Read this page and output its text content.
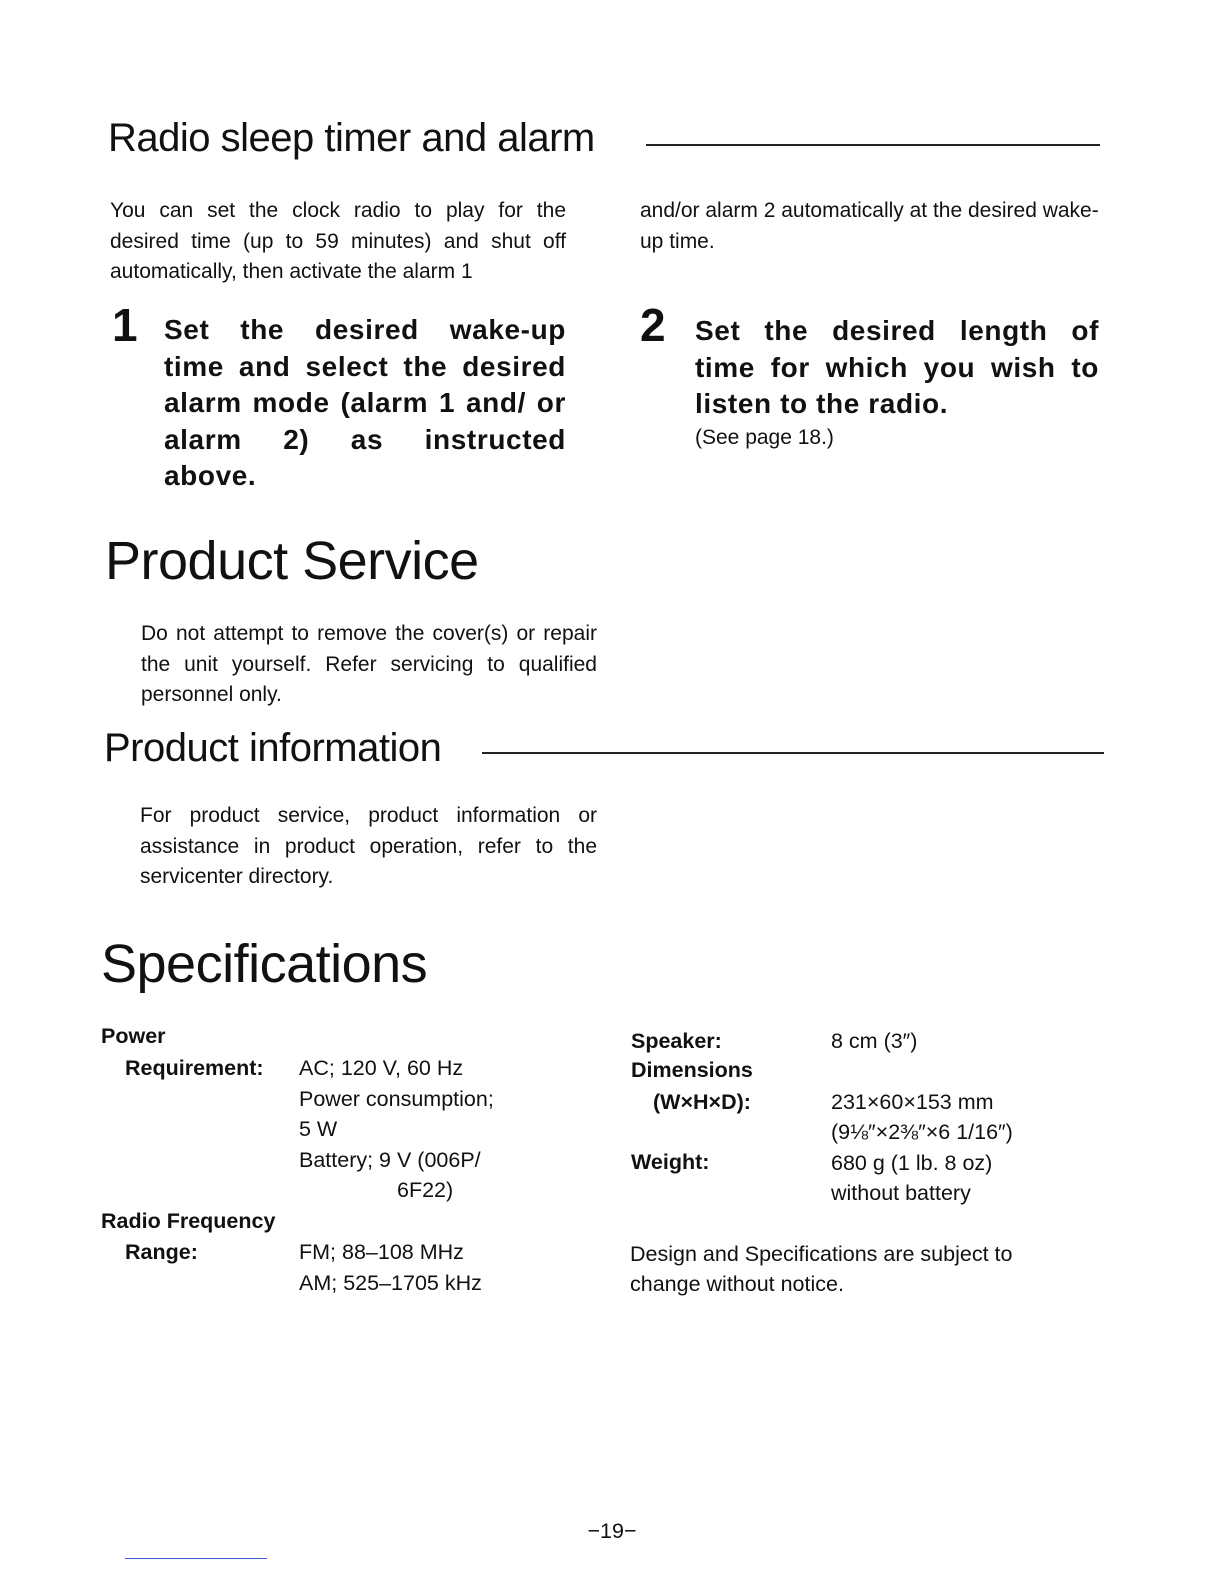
Radio sleep timer and alarm
You can set the clock radio to play for the desired time (up to 59 minutes) and shut off automatically, then activate the alarm 1
and/or alarm 2 automatically at the desired wake-up time.
1 Set the desired wake-up time and select the desired alarm mode (alarm 1 and/ or alarm 2) as instructed
above.
2 Set the desired length of time for which you wish to
listen to the radio.
(See page 18.)
Product Service
Do not attempt to remove the cover(s) or repair the unit yourself. Refer servicing to qualified personnel only.
Product information
For product service, product information or assistance in product operation, refer to the servicenter directory.
Specifications
Power
Requirement: AC; 120 V, 60 Hz
Power consumption;
5 W
Battery; 9 V (006P/
6F22)
Radio Frequency
Range:	FM; 88–108 MHz
AM; 525–1705 kHz
Speaker:	8 cm (3″)
Dimensions
(W×H×D):	231×60×153 mm
(9⅛″×2⅜″×6 1/16″)
Weight:	680 g (1 lb. 8 oz)
without battery
Design and Specifications are subject to change without notice.
−19−
